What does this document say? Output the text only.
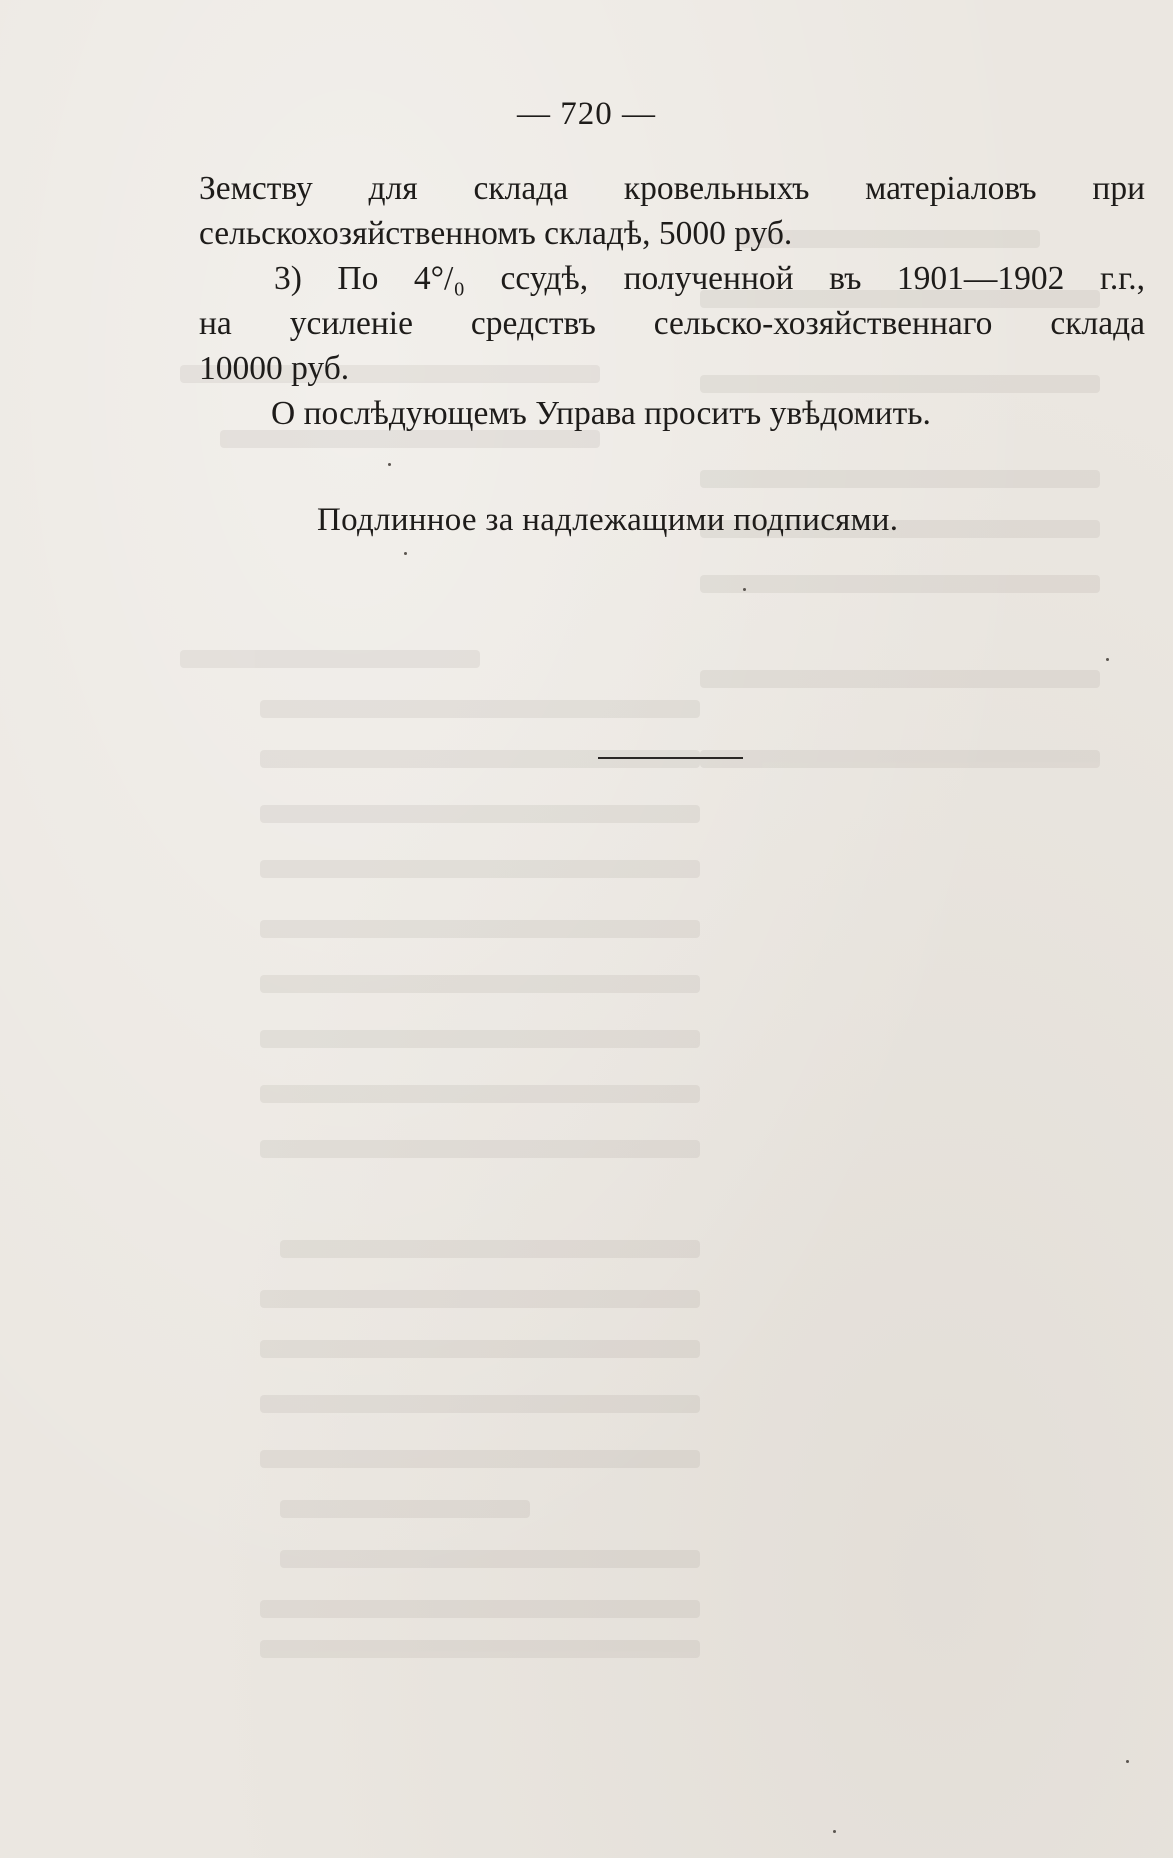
— 720 —
Земству для склада кровельныхъ матеріаловъ при
сельскохозяйственномъ складѣ, 5000 руб.
3) По 4°/₀ ссудѣ, полученной въ 1901—1902 г.г.,
на усиленіе средствъ сельско-хозяйственнаго склада
10000 руб.
О послѣдующемъ Управа проситъ увѣдомить.
Подлинное за надлежащими подписями.
